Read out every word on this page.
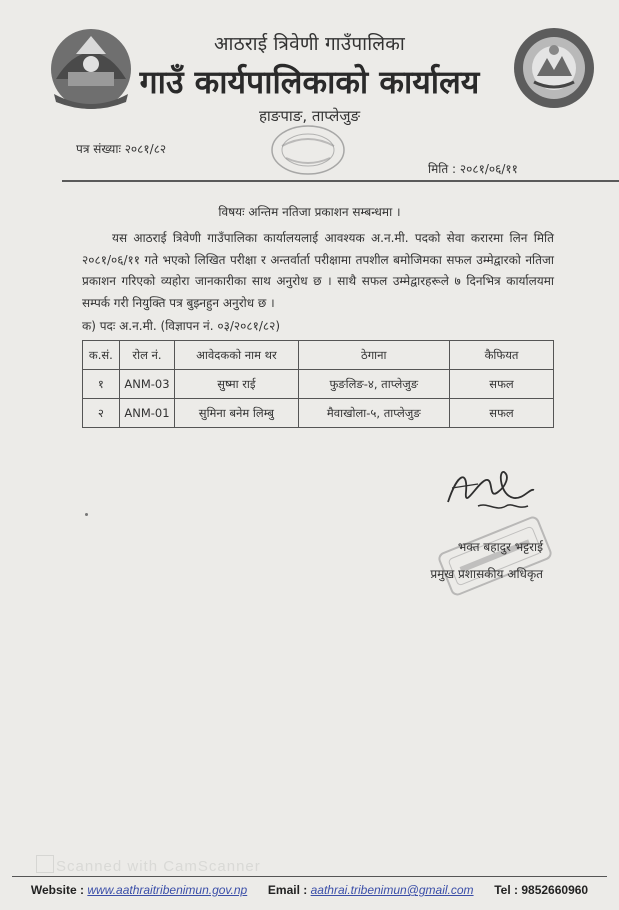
आठराई त्रिवेणी गाउँपालिका
गाउँ कार्यपालिकाको कार्यालय
हाङपाङ, ताप्लेजुङ
पत्र संख्याः २०८१/८२
मिति : २०८१/०६/११
विषयः अन्तिम नतिजा प्रकाशन सम्बन्धमा ।
यस आठराई त्रिवेणी गाउँपालिका कार्यालयलाई आवश्यक अ.न.मी. पदको सेवा करारमा लिन मिति २०८१/०६/११ गते भएको लिखित परीक्षा र अन्तर्वार्ता परीक्षामा तपशील बमोजिमका सफल उम्मेद्वारको नतिजा प्रकाशन गरिएको व्यहोरा जानकारीका साथ अनुरोध छ । साथै सफल उम्मेद्वारहरूले ७ दिनभित्र कार्यालयमा सम्पर्क गरी नियुक्ति पत्र बुझ्नहुन अनुरोध छ ।
क) पदः अ.न.मी. (विज्ञापन नं. ०३/२०८१/८२)
क.सं.	रोल नं.	आवेदकको नाम थर	ठेगाना	कैफियत
१	ANM-03	सुष्मा राई	फुङलिङ-४, ताप्लेजुङ	सफल
२	ANM-01	सुमिना बनेम लिम्बु	मैवाखोला-५, ताप्लेजुङ	सफल
भक्त बहादुर भट्टराई
प्रमुख प्रशासकीय अधिकृत
Scanned with CamScanner
Website : www.aathraitribenimun.gov.np Email : aathrai.tribenimun@gmail.com Tel : 9852660960
